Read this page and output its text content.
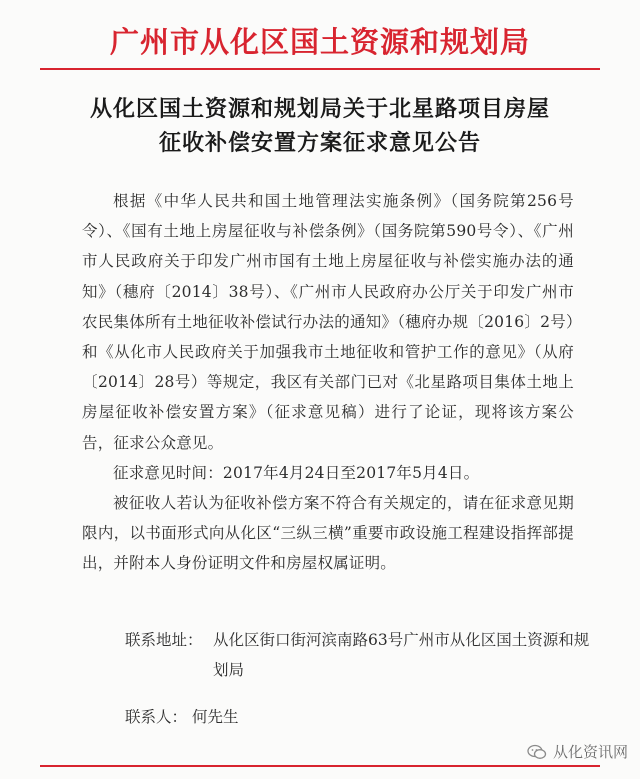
广州市从化区国土资源和规划局
从化区国土资源和规划局关于北星路项目房屋
征收补偿安置方案征求意见公告

根据《中华人民共和国土地管理法实施条例》（国务院第256号令）、《国有土地上房屋征收与补偿条例》（国务院第590号令）、《广州市人民政府关于印发广州市国有土地上房屋征收与补偿实施办法的通知》（穗府〔2014〕38号）、《广州市人民政府办公厅关于印发广州市农民集体所有土地征收补偿试行办法的通知》（穗府办规〔2016〕2号）和《从化市人民政府关于加强我市土地征收和管护工作的意见》（从府〔2014〕28号）等规定，我区有关部门已对《北星路项目集体土地上房屋征收补偿安置方案》（征求意见稿）进行了论证，现将该方案公告，征求公众意见。

征求意见时间：2017年4月24日至2017年5月4日。

被征收人若认为征收补偿方案不符合有关规定的，请在征求意见期限内，以书面形式向从化区“三纵三横”重要市政设施工程建设指挥部提出，并附本人身份证明文件和房屋权属证明。

联系地址： 从化区街口街河滨南路63号广州市从化区国土资源和规划局
联系人： 何先生
从化资讯网
